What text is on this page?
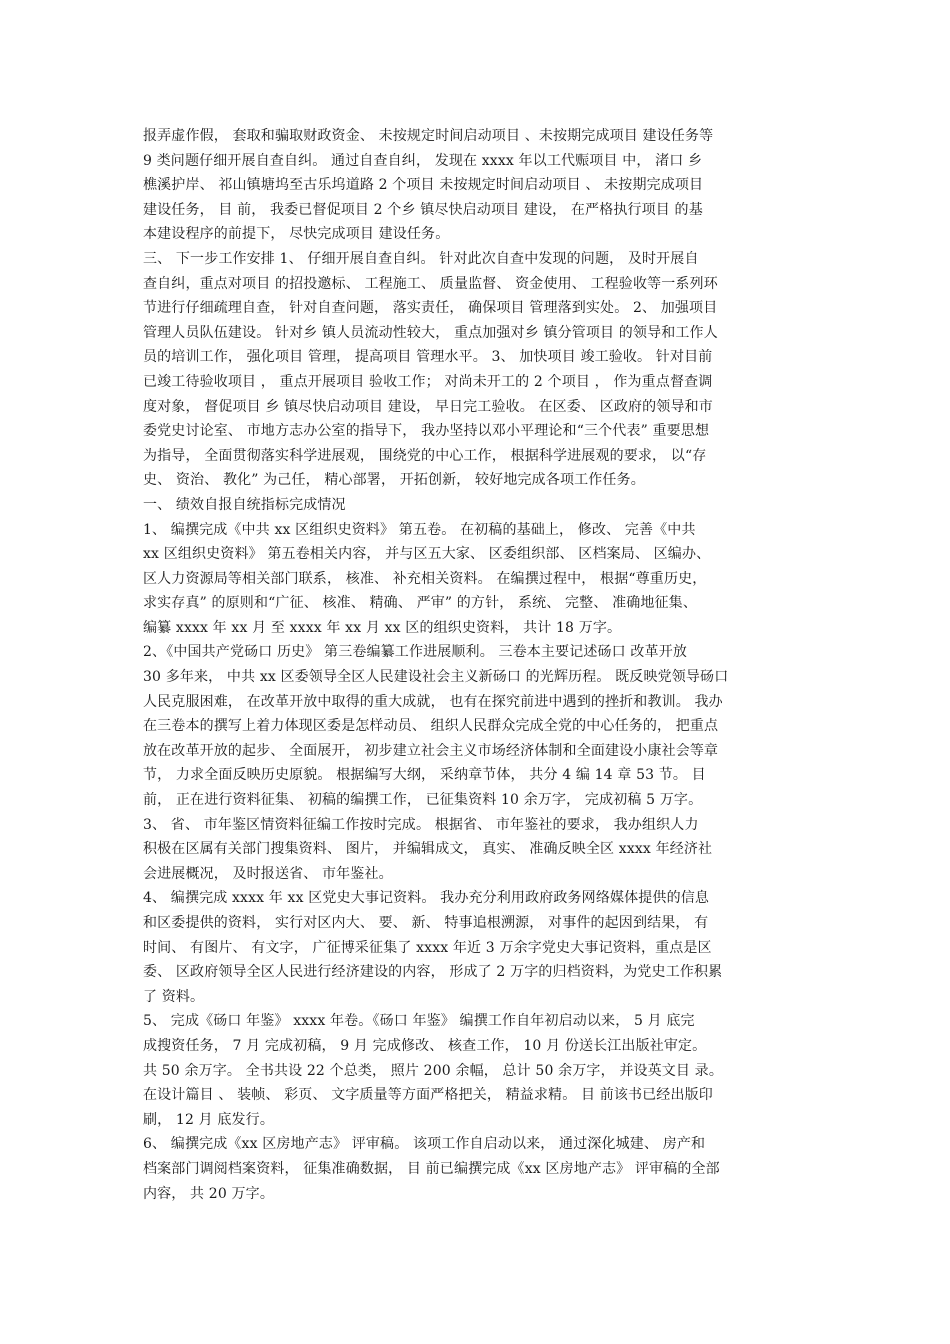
报弄虚作假， 套取和骗取财政资金、 未按规定时间启动项目 、未按期完成项目 建设任务等
9 类问题仔细开展自查自纠。 通过自查自纠， 发现在 xxxx 年以工代赈项目 中， 渚口 乡
樵溪护岸、 祁山镇塘坞至古乐坞道路 2 个项目 未按规定时间启动项目 、 未按期完成项目
建设任务， 目 前， 我委已督促项目 2 个乡 镇尽快启动项目 建设， 在严格执行项目 的基
本建设程序的前提下， 尽快完成项目 建设任务。
三、 下一步工作安排 1、 仔细开展自查自纠。 针对此次自查中发现的问题， 及时开展自
查自纠，重点对项目 的招投邀标、 工程施工、 质量监督、 资金使用、 工程验收等一系列环
节进行仔细疏理自查， 针对自查问题， 落实责任， 确保项目 管理落到实处。 2、 加强项目
管理人员队伍建设。 针对乡 镇人员流动性较大， 重点加强对乡 镇分管项目 的领导和工作人
员的培训工作， 强化项目 管理， 提高项目 管理水平。 3、 加快项目 竣工验收。 针对目前
已竣工待验收项目 ， 重点开展项目 验收工作； 对尚未开工的 2 个项目 ， 作为重点督查调
度对象， 督促项目 乡 镇尽快启动项目 建设， 早日完工验收。 在区委、 区政府的领导和市
委党史讨论室、 市地方志办公室的指导下， 我办坚持以邓小平理论和“三个代表” 重要思想
为指导， 全面贯彻落实科学进展观， 围绕党的中心工作， 根据科学进展观的要求， 以“存
史、 资治、 教化” 为己任， 精心部署， 开拓创新， 较好地完成各项工作任务。
一、 绩效自报自统指标完成情况
1、 编撰完成《中共 xx 区组织史资料》 第五卷。 在初稿的基础上， 修改、 完善《中共
xx 区组织史资料》 第五卷相关内容， 并与区五大家、 区委组织部、 区档案局、 区编办、
区人力资源局等相关部门联系， 核准、 补充相关资料。 在编撰过程中， 根据“尊重历史，
求实存真” 的原则和“广征、 核准、 精确、 严审” 的方针， 系统、 完整、 准确地征集、
编纂 xxxx 年 xx 月 至 xxxx 年 xx 月 xx 区的组织史资料， 共计 18 万字。
2、《中国共产党砀口 历史》 第三卷编纂工作进展顺利。 三卷本主要记述砀口 改革开放
30 多年来， 中共 xx 区委领导全区人民建设社会主义新砀口 的光辉历程。 既反映党领导砀口
人民克服困难， 在改革开放中取得的重大成就， 也有在探究前进中遇到的挫折和教训。 我办
在三卷本的撰写上着力体现区委是怎样动员、 组织人民群众完成全党的中心任务的， 把重点
放在改革开放的起步、 全面展开， 初步建立社会主义市场经济体制和全面建设小康社会等章
节， 力求全面反映历史原貌。 根据编写大纲， 采纳章节体， 共分 4 编 14 章 53 节。 目
前， 正在进行资料征集、 初稿的编撰工作， 已征集资料 10 余万字， 完成初稿 5 万字。
3、 省、 市年鉴区情资料征编工作按时完成。 根据省、 市年鉴社的要求， 我办组织人力
积极在区属有关部门搜集资料、 图片， 并编辑成文， 真实、 准确反映全区 xxxx 年经济社
会进展概况， 及时报送省、 市年鉴社。
4、 编撰完成 xxxx 年 xx 区党史大事记资料。 我办充分利用政府政务网络媒体提供的信息
和区委提供的资料， 实行对区内大、 要、 新、 特事追根溯源， 对事件的起因到结果， 有
时间、 有图片、 有文字， 广征博采征集了 xxxx 年近 3 万余字党史大事记资料，重点是区
委、 区政府领导全区人民进行经济建设的内容， 形成了 2 万字的归档资料，为党史工作积累
了 资料。
5、 完成《砀口 年鉴》 xxxx 年卷。《砀口 年鉴》 编撰工作自年初启动以来， 5 月 底完
成搜资任务， 7 月 完成初稿， 9 月 完成修改、 核查工作， 10 月 份送长江出版社审定。
共 50 余万字。 全书共设 22 个总类， 照片 200 余幅， 总计 50 余万字， 并设英文目 录。
在设计篇目 、 装帧、 彩页、 文字质量等方面严格把关， 精益求精。 目 前该书已经出版印
刷， 12 月 底发行。
6、 编撰完成《xx 区房地产志》 评审稿。 该项工作自启动以来， 通过深化城建、 房产和
档案部门调阅档案资料， 征集准确数据， 目 前已编撰完成《xx 区房地产志》 评审稿的全部
内容， 共 20 万字。
